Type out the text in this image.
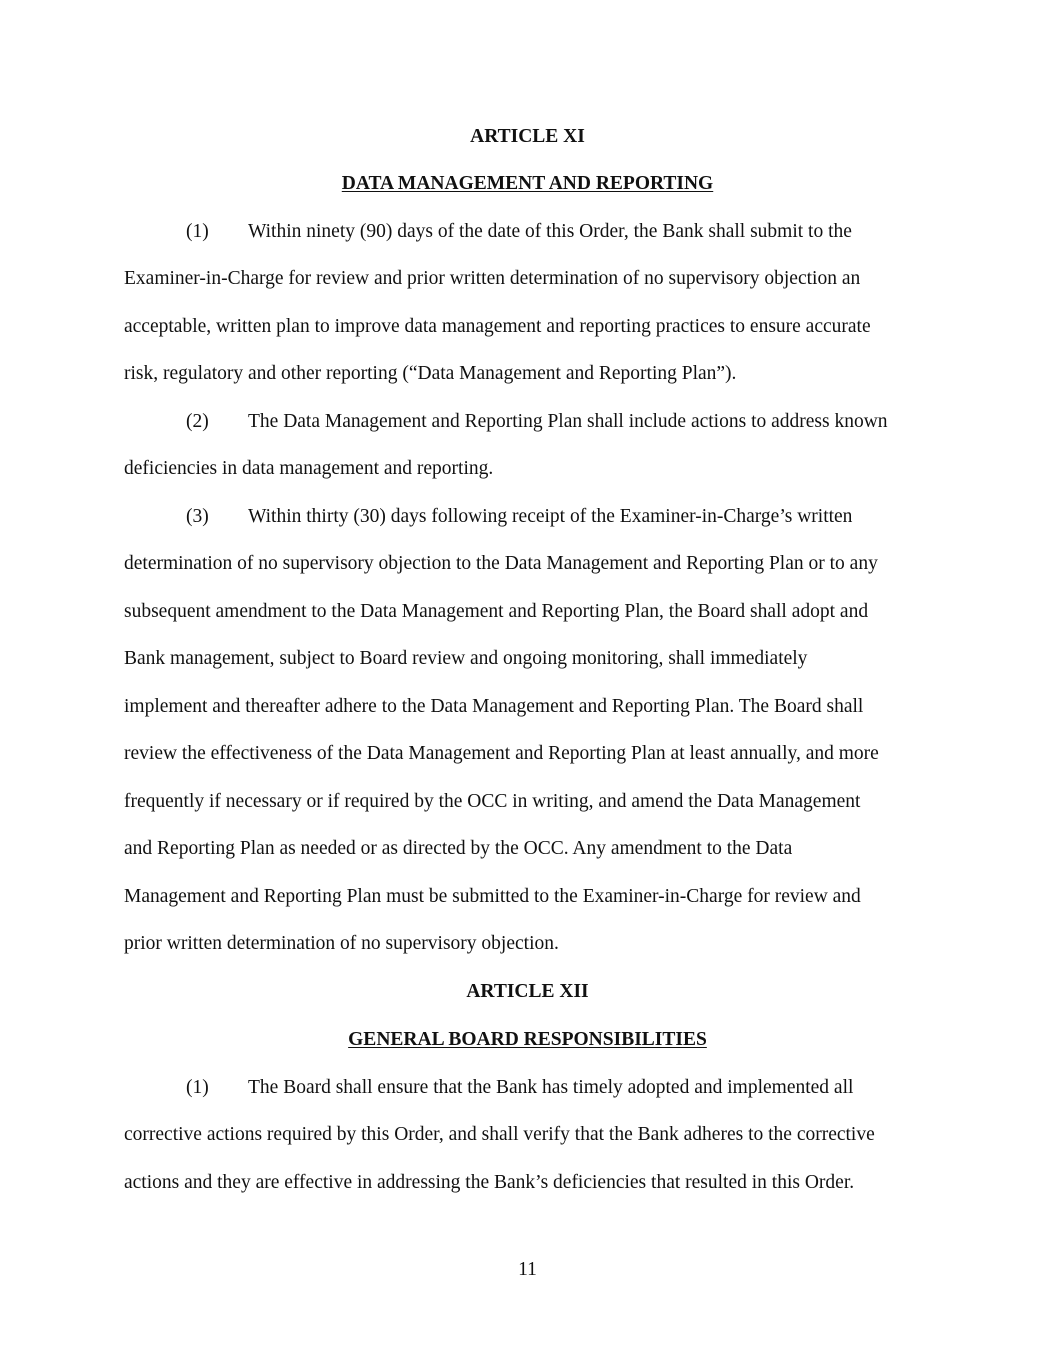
ARTICLE XI
DATA MANAGEMENT AND REPORTING
(1) Within ninety (90) days of the date of this Order, the Bank shall submit to the
Examiner-in-Charge for review and prior written determination of no supervisory objection an
acceptable, written plan to improve data management and reporting practices to ensure accurate
risk, regulatory and other reporting (“Data Management and Reporting Plan”).
(2) The Data Management and Reporting Plan shall include actions to address known
deficiencies in data management and reporting.
(3) Within thirty (30) days following receipt of the Examiner-in-Charge’s written
determination of no supervisory objection to the Data Management and Reporting Plan or to any
subsequent amendment to the Data Management and Reporting Plan, the Board shall adopt and
Bank management, subject to Board review and ongoing monitoring, shall immediately
implement and thereafter adhere to the Data Management and Reporting Plan. The Board shall
review the effectiveness of the Data Management and Reporting Plan at least annually, and more
frequently if necessary or if required by the OCC in writing, and amend the Data Management
and Reporting Plan as needed or as directed by the OCC. Any amendment to the Data
Management and Reporting Plan must be submitted to the Examiner-in-Charge for review and
prior written determination of no supervisory objection.
ARTICLE XII
GENERAL BOARD RESPONSIBILITIES
(1) The Board shall ensure that the Bank has timely adopted and implemented all
corrective actions required by this Order, and shall verify that the Bank adheres to the corrective
actions and they are effective in addressing the Bank’s deficiencies that resulted in this Order.
11
